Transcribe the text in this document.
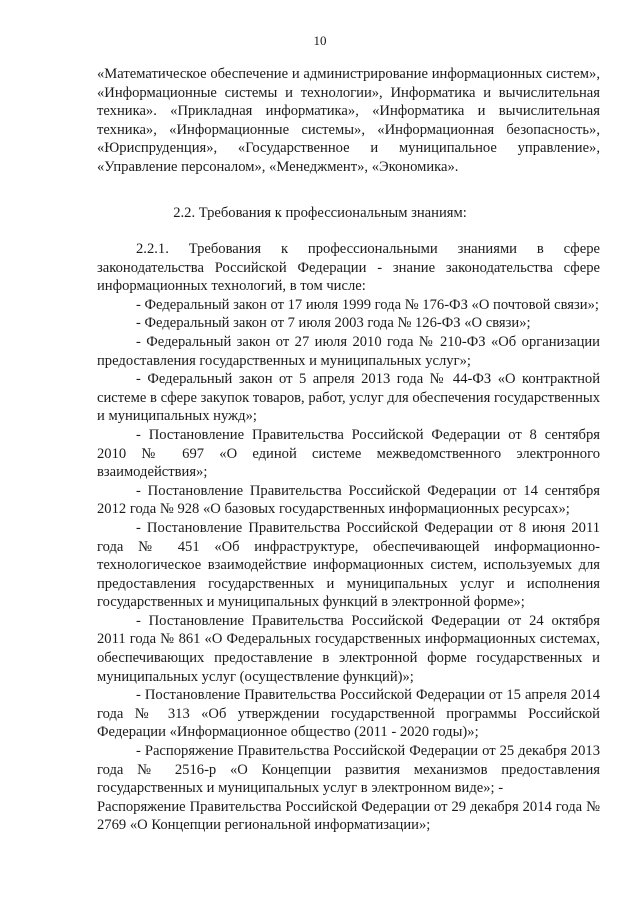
10

«Математическое обеспечение и администрирование информационных систем», «Информационные системы и технологии», Информатика и вычислительная техника». «Прикладная информатика», «Информатика и вычислительная техника», «Информационные системы», «Информационная безопасность», «Юриспруденция», «Государственное и муниципальное управление», «Управление персоналом», «Менеджмент», «Экономика».

2.2. Требования к профессиональным знаниям:

2.2.1. Требования к профессиональными знаниями в сфере законодательства Российской Федерации - знание законодательства сфере информационных технологий, в том числе:

- Федеральный закон от 17 июля 1999 года № 176-ФЗ «О почтовой связи»;

- Федеральный закон от 7 июля 2003 года № 126-ФЗ «О связи»;

- Федеральный закон от 27 июля 2010 года № 210-ФЗ «Об организации предоставления государственных и муниципальных услуг»;

- Федеральный закон от 5 апреля 2013 года № 44-ФЗ «О контрактной системе в сфере закупок товаров, работ, услуг для обеспечения государственных и муниципальных нужд»;

- Постановление Правительства Российской Федерации от 8 сентября 2010 № 697 «О единой системе межведомственного электронного взаимодействия»;

- Постановление Правительства Российской Федерации от 14 сентября 2012 года № 928 «О базовых государственных информационных ресурсах»;

- Постановление Правительства Российской Федерации от 8 июня 2011 года № 451 «Об инфраструктуре, обеспечивающей информационно-технологическое взаимодействие информационных систем, используемых для предоставления государственных и муниципальных услуг и исполнения государственных и муниципальных функций в электронной форме»;

- Постановление Правительства Российской Федерации от 24 октября 2011 года № 861 «О Федеральных государственных информационных системах, обеспечивающих предоставление в электронной форме государственных и муниципальных услуг (осуществление функций)»;

- Постановление Правительства Российской Федерации от 15 апреля 2014 года № 313 «Об утверждении государственной программы Российской Федерации «Информационное общество (2011 - 2020 годы)»;

- Распоряжение Правительства Российской Федерации от 25 декабря 2013 года № 2516-р «О Концепции развития механизмов предоставления государственных и муниципальных услуг в электронном виде»; -

Распоряжение Правительства Российской Федерации от 29 декабря 2014 года № 2769 «О Концепции региональной информатизации»;
